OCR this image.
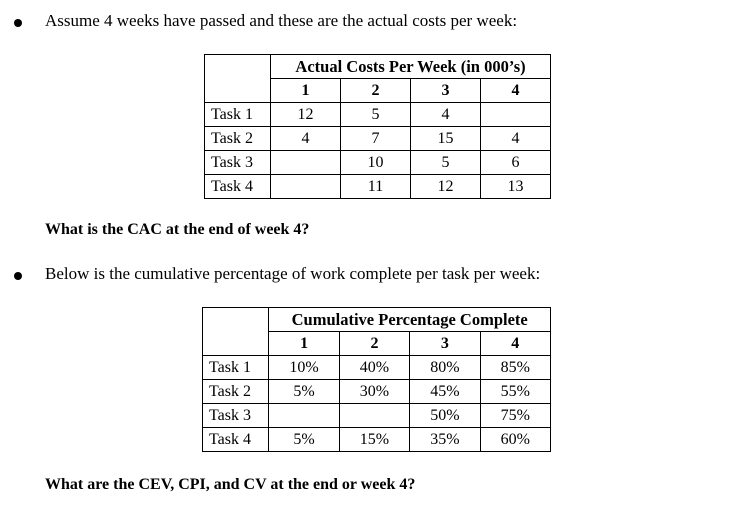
Assume 4 weeks have passed and these are the actual costs per week:
	Actual Costs Per Week (in 000’s)			
	1	2	3	4
Task 1	12	5	4	
Task 2	4	7	15	4
Task 3		10	5	6
Task 4		11	12	13
What is the CAC at the end of week 4?
Below is the cumulative percentage of work complete per task per week:
	Cumulative Percentage Complete			
	1	2	3	4
Task 1	10%	40%	80%	85%
Task 2	5%	30%	45%	55%
Task 3			50%	75%
Task 4	5%	15%	35%	60%
What are the CEV, CPI, and CV at the end or week 4?
